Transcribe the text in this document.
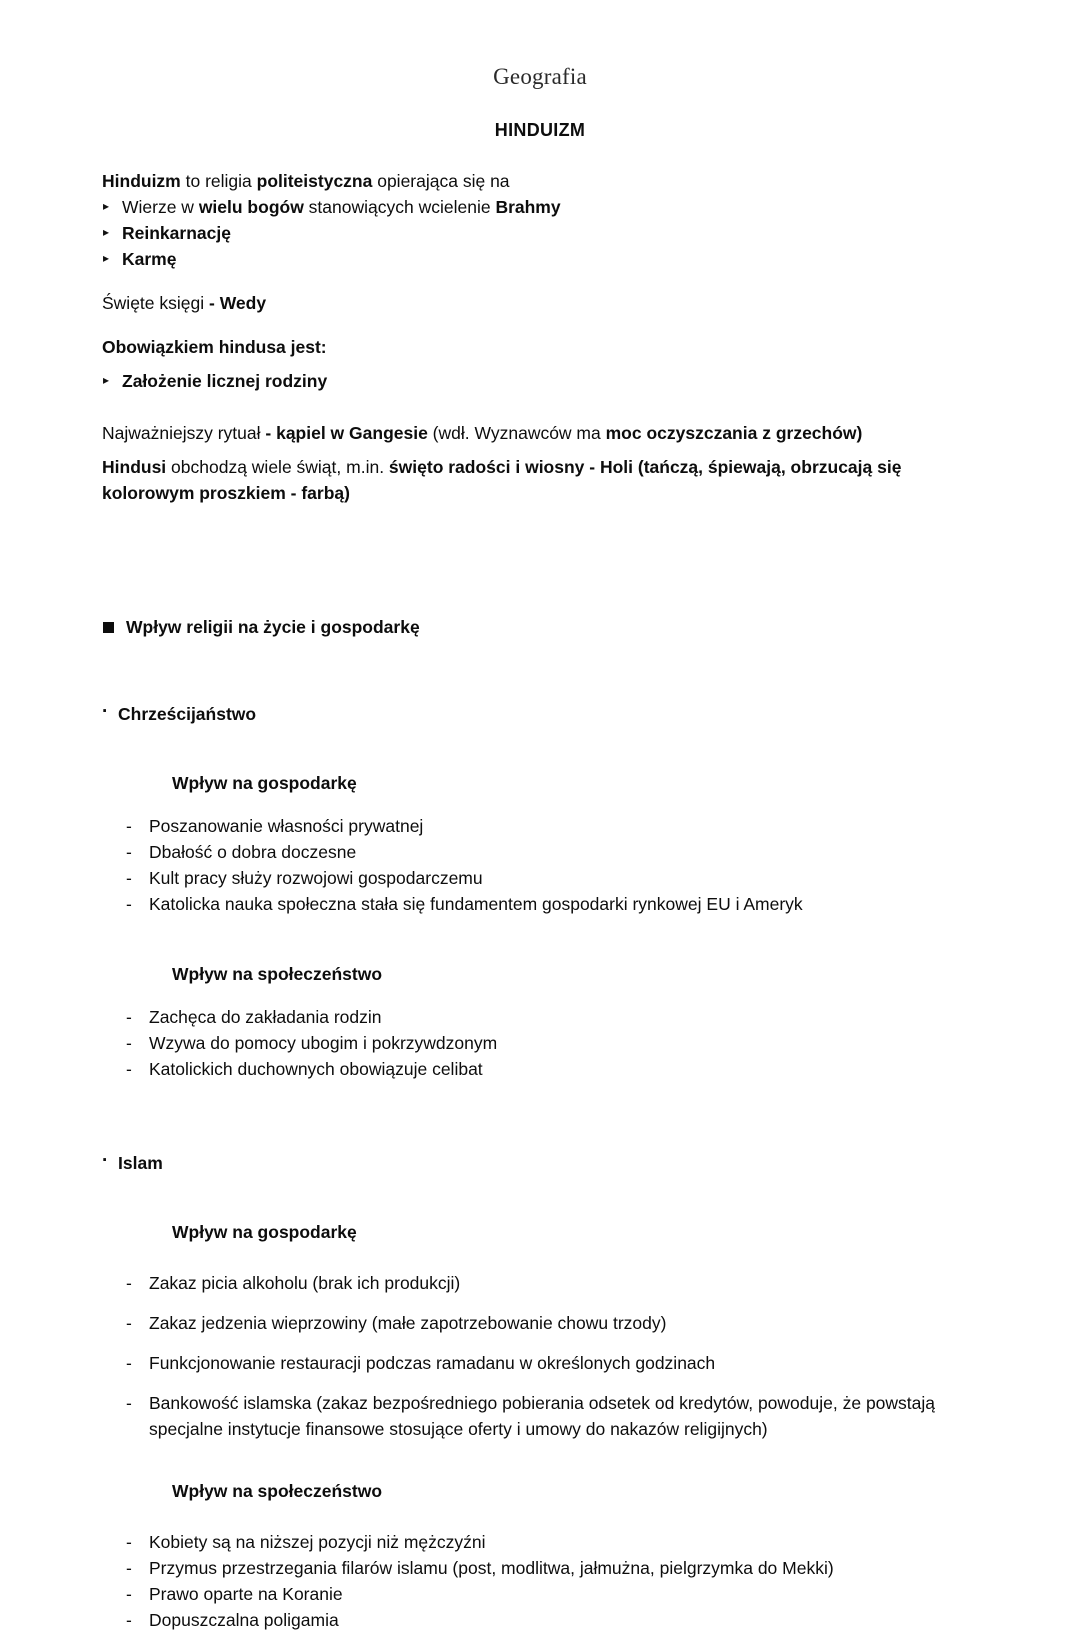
Geografia
HINDUIZM

Hinduizm to religia politeistyczna opierająca się na

▸ Wierze w wielu bogów stanowiących wcielenie Brahmy
▸ Reinkarnację
▸ Karmę

Święte księgi - Wedy

Obowiązkiem hindusa jest:

▸ Założenie licznej rodziny

Najważniejszy rytuał - kąpiel w Gangesie (wdł. Wyznawców ma moc oczyszczania z grzechów)

Hindusi obchodzą wiele świąt, m.in. święto radości i wiosny - Holi (tańczą, śpiewają, obrzucają się kolorowym proszkiem - farbą)

Wpływ religii na życie i gospodarkę

· Chrześcijaństwo

Wpływ na gospodarkę

- Poszanowanie własności prywatnej
- Dbałość o dobra doczesne
- Kult pracy służy rozwojowi gospodarczemu
- Katolicka nauka społeczna stała się fundamentem gospodarki rynkowej EU i Ameryk

Wpływ na społeczeństwo

- Zachęca do zakładania rodzin
- Wzywa do pomocy ubogim i pokrzywdzonym
- Katolickich duchownych obowiązuje celibat

· Islam

Wpływ na gospodarkę

- Zakaz picia alkoholu (brak ich produkcji)
- Zakaz jedzenia wieprzowiny (małe zapotrzebowanie chowu trzody)
- Funkcjonowanie restauracji podczas ramadanu w określonych godzinach
- Bankowość islamska (zakaz bezpośredniego pobierania odsetek od kredytów, powoduje, że powstają specjalne instytucje finansowe stosujące oferty i umowy do nakazów religijnych)

Wpływ na społeczeństwo

- Kobiety są na niższej pozycji niż mężczyźni
- Przymus przestrzegania filarów islamu (post, modlitwa, jałmużna, pielgrzymka do Mekki)
- Prawo oparte na Koranie
- Dopuszczalna poligamia
